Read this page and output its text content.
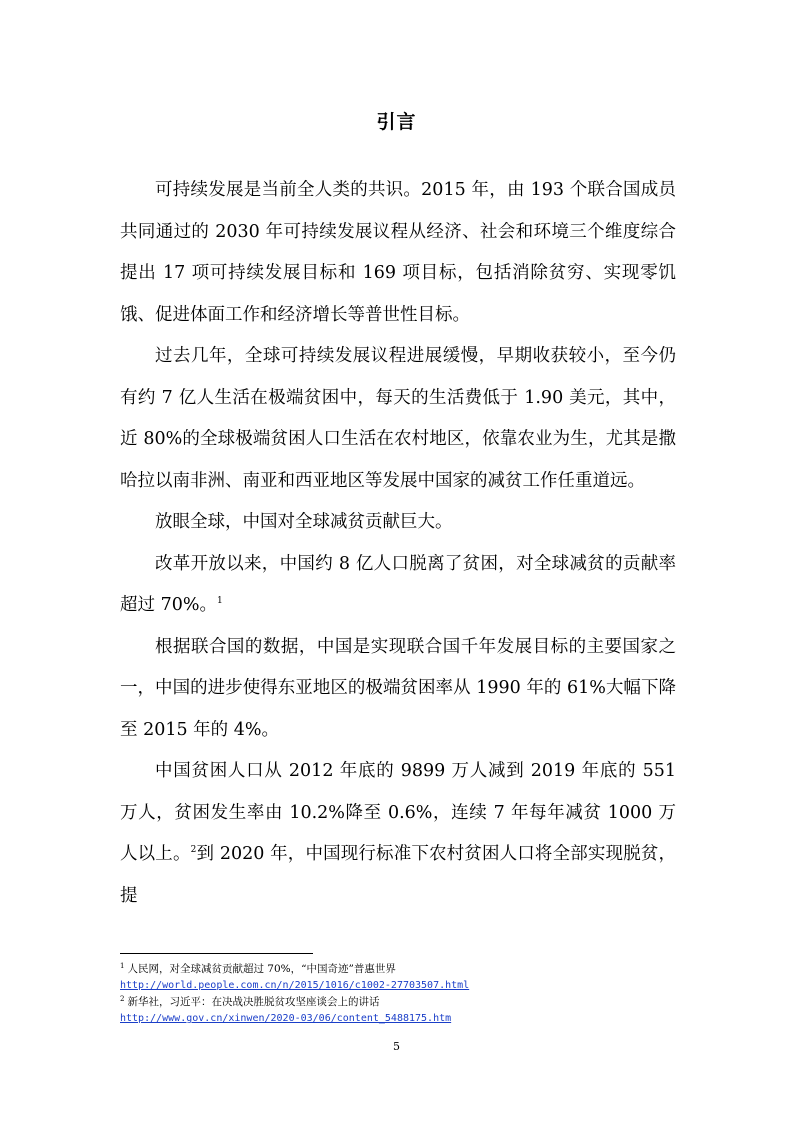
引言

可持续发展是当前全人类的共识。2015 年，由 193 个联合国成员共同通过的 2030 年可持续发展议程从经济、社会和环境三个维度综合提出 17 项可持续发展目标和 169 项目标，包括消除贫穷、实现零饥饿、促进体面工作和经济增长等普世性目标。

过去几年，全球可持续发展议程进展缓慢，早期收获较小，至今仍有约 7 亿人生活在极端贫困中，每天的生活费低于 1.90 美元，其中，近 80%的全球极端贫困人口生活在农村地区，依靠农业为生，尤其是撒哈拉以南非洲、南亚和西亚地区等发展中国家的减贫工作任重道远。

放眼全球，中国对全球减贫贡献巨大。

改革开放以来，中国约 8 亿人口脱离了贫困，对全球减贫的贡献率超过 70%。$^1$

根据联合国的数据，中国是实现联合国千年发展目标的主要国家之一，中国的进步使得东亚地区的极端贫困率从 1990 年的 61%大幅下降至 2015 年的 4%。

中国贫困人口从 2012 年底的 9899 万人减到 2019 年底的 551 万人，贫困发生率由 10.2%降至 0.6%，连续 7 年每年减贫 1000 万人以上。$^2$到 2020 年，中国现行标准下农村贫困人口将全部实现脱贫，提

$^1$ 人民网，对全球减贫贡献超过 70%，“中国奇迹”普惠世界
http://world.people.com.cn/n/2015/1016/c1002-27703507.html
$^2$ 新华社，习近平：在决战决胜脱贫攻坚座谈会上的讲话
http://www.gov.cn/xinwen/2020-03/06/content_5488175.htm
5
